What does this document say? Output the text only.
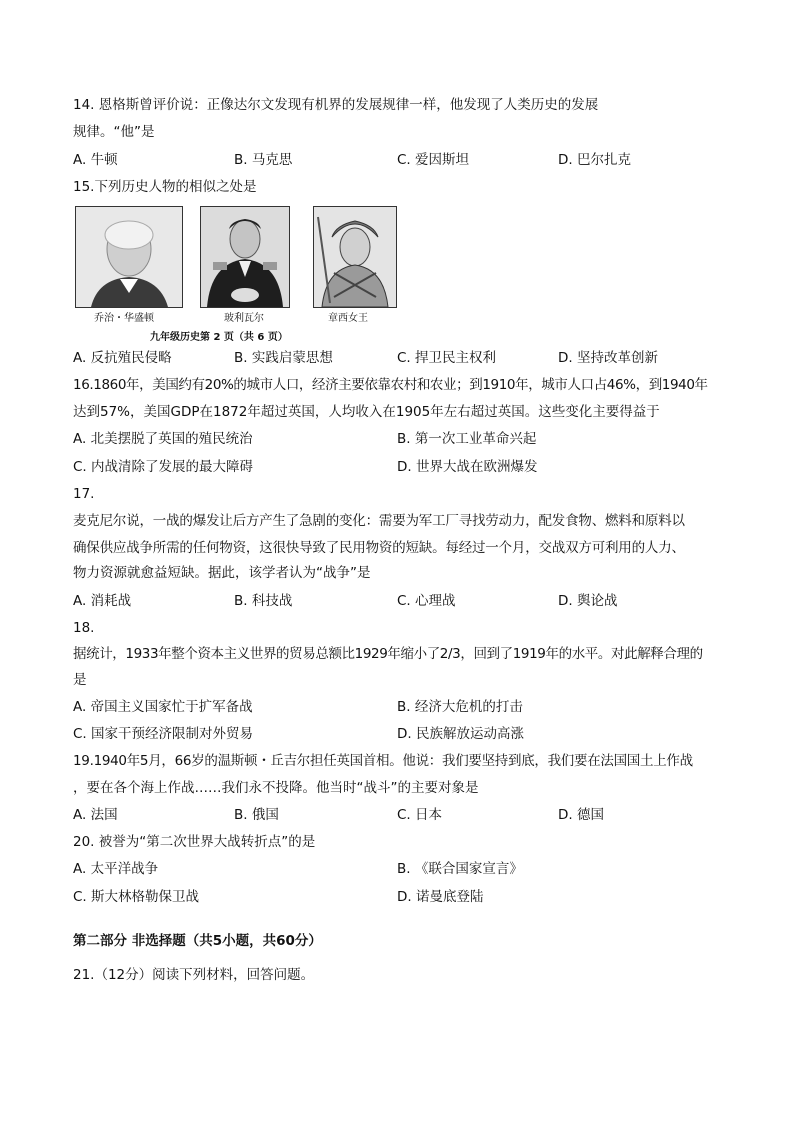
14. 恩格斯曾评价说：正像达尔文发现有机界的发展规律一样，他发现了人类历史的发展
规律。“他”是
A. 牛顿	B. 马克思	C. 爱因斯坦	D. 巴尔扎克
15.下列历史人物的相似之处是
乔治・华盛顿	玻利瓦尔	章西女王
九年级历史第 2 页（共 6 页）
A. 反抗殖民侵略	B. 实践启蒙思想	C. 捍卫民主权利	D. 坚持改革创新
16.1860年，美国约有20%的城市人口，经济主要依靠农村和农业；到1910年，城市人口占46%，到1940年
达到57%，美国GDP在1872年超过英国，人均收入在1905年左右超过英国。这些变化主要得益于
A. 北美摆脱了英国的殖民统治	B. 第一次工业革命兴起
C. 内战清除了发展的最大障碍	D. 世界大战在欧洲爆发
17.
麦克尼尔说，一战的爆发让后方产生了急剧的变化：需要为军工厂寻找劳动力，配发食物、燃料和原料以
确保供应战争所需的任何物资，这很快导致了民用物资的短缺。每经过一个月，交战双方可利用的人力、
物力资源就愈益短缺。据此，该学者认为“战争”是
A. 消耗战	B. 科技战	C. 心理战	D. 舆论战
18.
据统计，1933年整个资本主义世界的贸易总额比1929年缩小了2/3，回到了1919年的水平。对此解释合理的
是
A. 帝国主义国家忙于扩军备战	B. 经济大危机的打击
C. 国家干预经济限制对外贸易	D. 民族解放运动高涨
19.1940年5月，66岁的温斯顿・丘吉尔担任英国首相。他说：我们要坚持到底，我们要在法国国土上作战
，要在各个海上作战……我们永不投降。他当时“战斗”的主要对象是
A. 法国	B. 俄国	C. 日本	D. 德国
20. 被誉为“第二次世界大战转折点”的是
A. 太平洋战争	B. 《联合国家宣言》
C. 斯大林格勒保卫战	D. 诺曼底登陆
第二部分 非选择题（共5小题，共60分）
21.（12分）阅读下列材料，回答问题。
